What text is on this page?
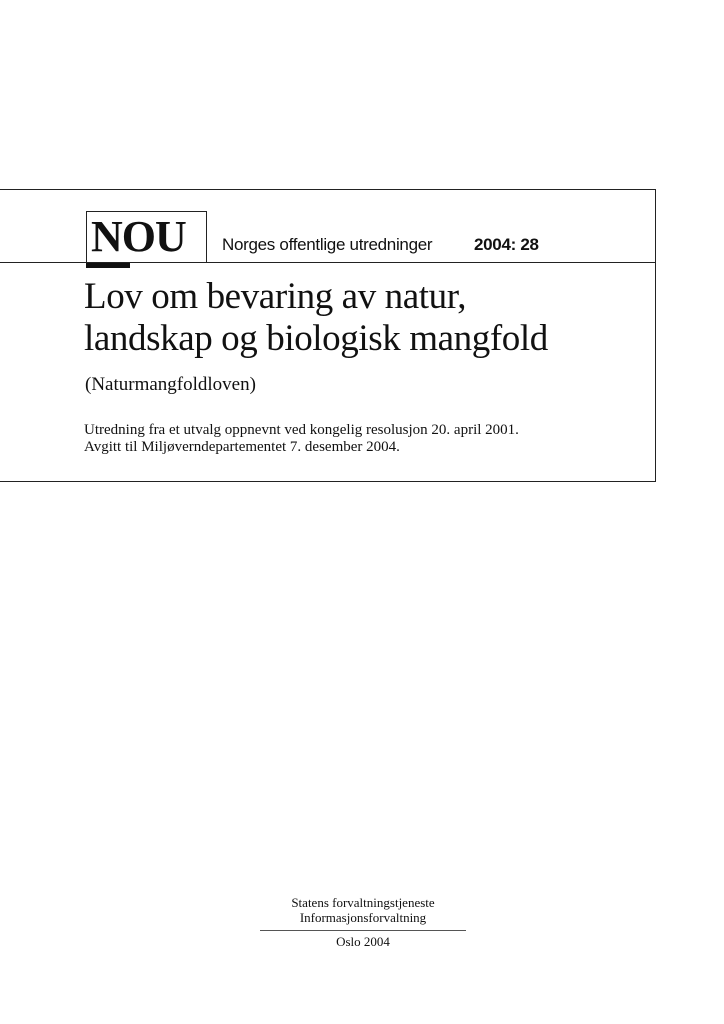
NOU Norges offentlige utredninger 2004: 28
Lov om bevaring av natur,
landskap og biologisk mangfold
(Naturmangfoldloven)
Utredning fra et utvalg oppnevnt ved kongelig resolusjon 20. april 2001.
Avgitt til Miljøverndepartementet 7. desember 2004.
Statens forvaltningstjeneste
Informasjonsforvaltning
Oslo 2004
